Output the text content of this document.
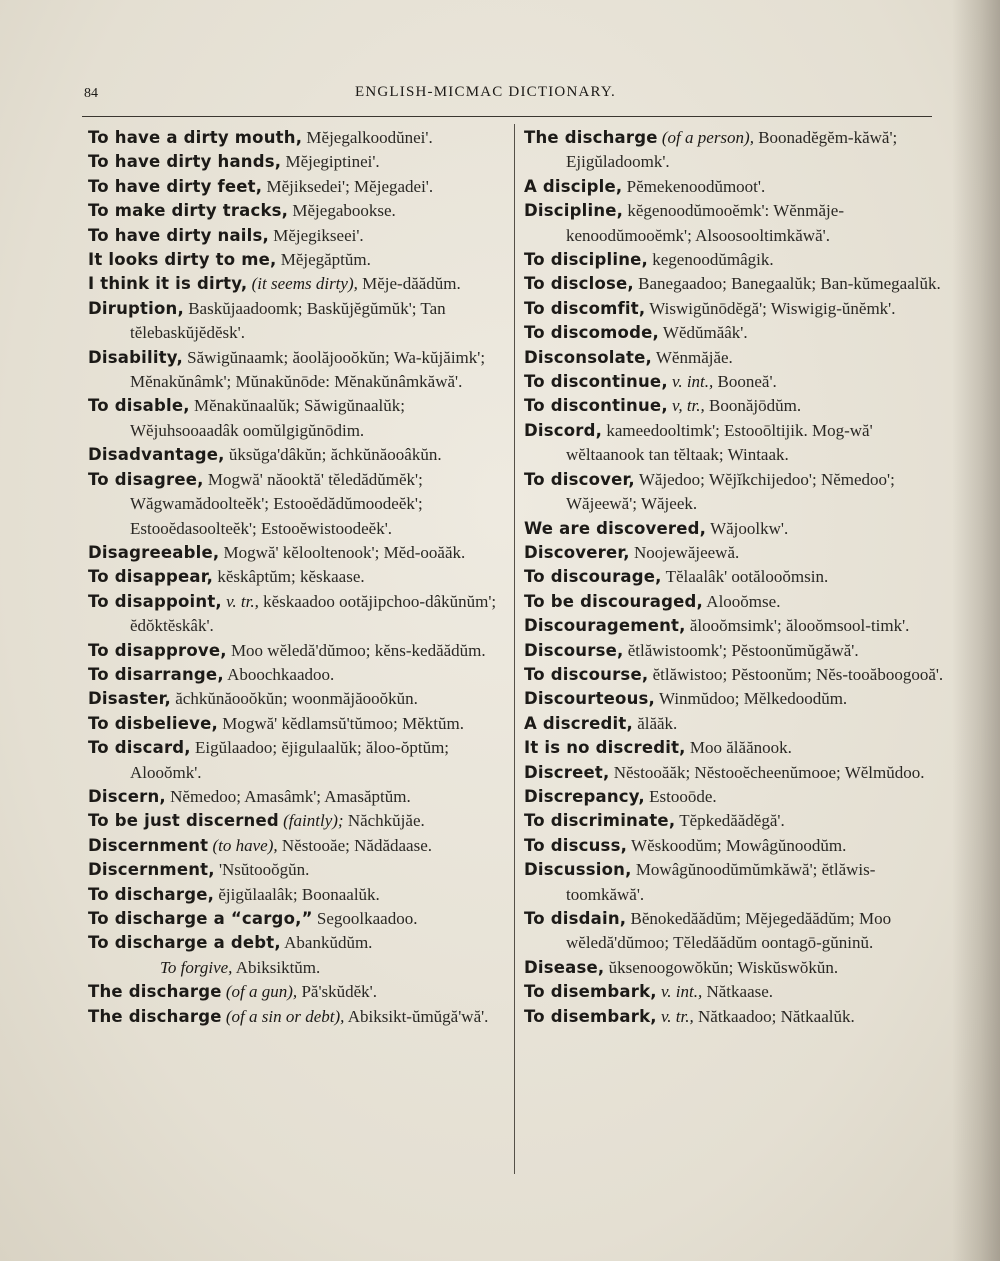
84	ENGLISH-MICMAC DICTIONARY.
To have a dirty mouth, Mĕjegalkoodŭnei'.
To have dirty hands, Mĕjegiptinei'.
To have dirty feet, Mĕjiksedei'; Mĕjegadei'.
To make dirty tracks, Mĕjegabookse.
To have dirty nails, Mĕjegikseei'.
It looks dirty to me, Mĕjegăptŭm.
I think it is dirty, (it seems dirty), Mĕje-dăădŭm.
Diruption, Baskŭjaadoomk; Baskŭjĕgŭmŭk'; Tan tĕlebaskŭjĕdĕsk'.
Disability, Săwigŭnaamk; ăoolăjooŏkŭn; Wa-kŭjăimk'; Mĕnakŭnâmk'; Mŭnakŭnōde: Mĕnakŭnâmkăwă'.
To disable, Mĕnakŭnaalŭk; Săwigŭnaalŭk; Wĕjuhsooaadâk oomŭlgigŭnōdim.
Disadvantage, ŭksŭga'dâkŭn; ăchkŭnăooâkŭn.
To disagree, Mogwă' năooktă' tĕledădŭmĕk'; Wăgwamădoolteĕk'; Estooĕdădŭmoodeĕk'; Estooĕdasoolteĕk'; Estooĕwistoodeĕk'.
Disagreeable, Mogwă' kĕlooltenook'; Mĕd-ooăăk.
To disappear, kĕskâptŭm; kĕskaase.
To disappoint, v. tr., kĕskaadoo ootăjipchoo-dâkŭnŭm'; ĕdŏktĕskâk'.
To disapprove, Moo wĕledă'dŭmoo; kĕns-kedăădŭm.
To disarrange, Aboochkaadoo.
Disaster, ăchkŭnăooŏkŭn; woonmăjăooŏkŭn.
To disbelieve, Mogwă' kĕdlamsŭ'tŭmoo; Mĕktŭm.
To discard, Eigŭlaadoo; ĕjigulaalŭk; ăloo-ŏptŭm; Alooŏmk'.
Discern, Nĕmedoo; Amasâmk'; Amasăptŭm.
To be just discerned (faintly); Năchkŭjăe.
Discernment (to have), Nĕstooăe; Nădădaase.
Discernment, 'Nsŭtooŏgŭn.
To discharge, ĕjigŭlaalâk; Boonaalŭk.
To discharge a “cargo,” Segoolkaadoo.
To discharge a debt, Abankŭdŭm.
To forgive, Abiksiktŭm.
The discharge (of a gun), Pă'skŭdĕk'.
The discharge (of a sin or debt), Abiksikt-ŭmŭgă'wă'.
The discharge (of a person), Boonadĕgĕm-kăwă'; Ejigŭladoomk'.
A disciple, Pĕmekenoodŭmoot'.
Discipline, kĕgenoodŭmooĕmk': Wĕnmăje-kenoodŭmooĕmk'; Alsoosooltimkăwă'.
To discipline, kegenoodŭmâgik.
To disclose, Banegaadoo; Banegaalŭk; Ban-kŭmegaalŭk.
To discomfit, Wiswigŭnōdĕgă'; Wiswigig-ŭnĕmk'.
To discomode, Wĕdŭmăâk'.
Disconsolate, Wĕnmăjăe.
To discontinue, v. int., Booneă'.
To discontinue, v, tr., Boonăjōdŭm.
Discord, kameedooltimk'; Estooōltijik. Mog-wă' wĕltaanook tan tĕltaak; Wintaak.
To discover, Wăjedoo; Wĕjĭkchijedoo'; Nĕmedoo'; Wăjeewă'; Wăjeek.
We are discovered, Wăjoolkw'.
Discoverer, Noojewăjeewă.
To discourage, Tĕlaalâk' ootălooŏmsin.
To be discouraged, Alooŏmse.
Discouragement, ălooŏmsimk'; ălooŏmsool-timk'.
Discourse, ĕtlăwistoomk'; Pĕstoonŭmŭgăwă'.
To discourse, ĕtlăwistoo; Pĕstoonŭm; Nĕs-tooăboogooă'.
Discourteous, Winmŭdoo; Mĕlkedoodŭm.
A discredit, ălăăk.
It is no discredit, Moo ălăănook.
Discreet, Nĕstooăăk; Nĕstooĕcheenŭmooe; Wĕlmŭdoo.
Discrepancy, Estooōde.
To discriminate, Tĕpkedăădĕgă'.
To discuss, Wĕskoodŭm; Mowâgŭnoodŭm.
Discussion, Mowâgŭnoodŭmŭmkăwă'; ĕtlăwis-toomkăwă'.
To disdain, Bĕnokedăădŭm; Mĕjegedăădŭm; Moo wĕledă'dŭmoo; Tĕledăădŭm oontagō-gŭninŭ.
Disease, ŭksenoogowŏkŭn; Wiskŭswŏkŭn.
To disembark, v. int., Nătkaase.
To disembark, v. tr., Nătkaadoo; Nătkaalŭk.
